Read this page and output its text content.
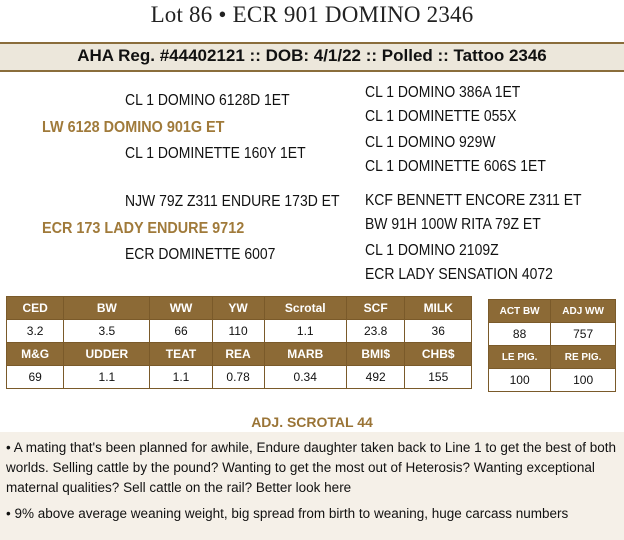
Lot 86 • ECR 901 DOMINO 2346
AHA Reg. #44402121 :: DOB: 4/1/22 :: Polled :: Tattoo 2346
CL 1 DOMINO 6128D 1ET
LW 6128 DOMINO 901G ET
CL 1 DOMINETTE 160Y 1ET
CL 1 DOMINO 386A 1ET
CL 1 DOMINETTE 055X
CL 1 DOMINO 929W
CL 1 DOMINETTE 606S 1ET
NJW 79Z Z311 ENDURE 173D ET
ECR 173 LADY ENDURE 9712
ECR DOMINETTE 6007
KCF BENNETT ENCORE Z311 ET
BW 91H 100W RITA 79Z ET
CL 1 DOMINO 2109Z
ECR LADY SENSATION 4072
CED	BW	WW	YW	Scrotal	SCF	MILK
3.2	3.5	66	110	1.1	23.8	36
M&G	UDDER	TEAT	REA	MARB	BMI$	CHB$
69	1.1	1.1	0.78	0.34	492	155
ACT BW	ADJ WW
88	757
LE PIG.	RE PIG.
100	100
ADJ. SCROTAL 44
• A mating that's been planned for awhile, Endure daughter taken back to Line 1 to get the best of both worlds. Selling cattle by the pound? Wanting to get the most out of Heterosis? Wanting exceptional maternal qualities? Sell cattle on the rail? Better look here
• 9% above average weaning weight, big spread from birth to weaning, huge carcass numbers
